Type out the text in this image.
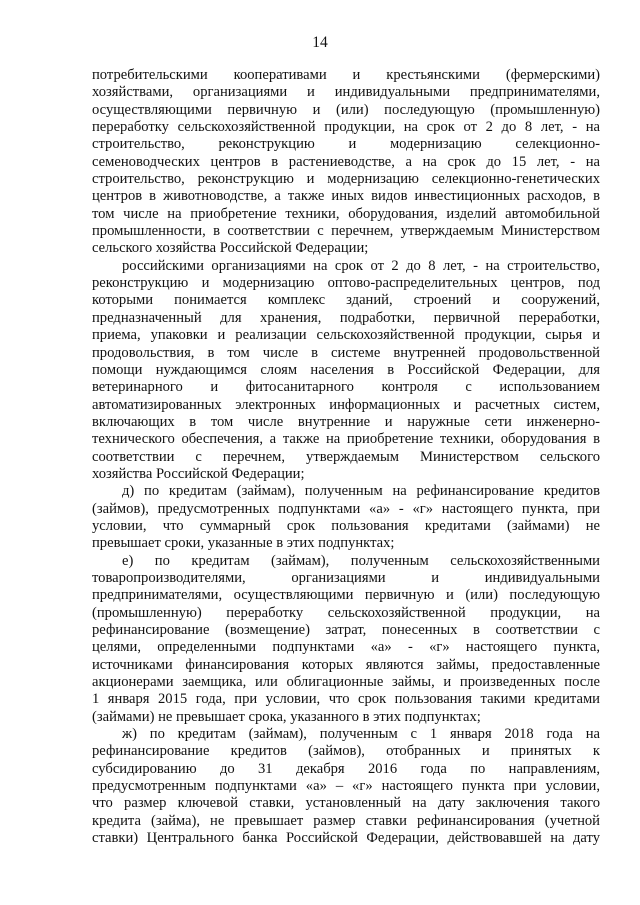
14
потребительскими кооперативами и крестьянскими (фермерскими)
хозяйствами, организациями и индивидуальными предпринимателями,
осуществляющими первичную и (или) последующую (промышленную)
переработку сельскохозяйственной продукции, на срок от 2 до 8 лет, - на
строительство, реконструкцию и модернизацию селекционно-
семеноводческих центров в растениеводстве, а на срок до 15 лет, - на
строительство, реконструкцию и модернизацию селекционно-генетических
центров в животноводстве, а также иных видов инвестиционных расходов, в
том числе на приобретение техники, оборудования, изделий автомобильной
промышленности, в соответствии с перечнем, утверждаемым Министерством
сельского хозяйства Российской Федерации;
российскими организациями на срок от 2 до 8 лет, - на строительство,
реконструкцию и модернизацию оптово-распределительных центров, под
которыми понимается комплекс зданий, строений и сооружений,
предназначенный для хранения, подработки, первичной переработки,
приема, упаковки и реализации сельскохозяйственной продукции, сырья и
продовольствия, в том числе в системе внутренней продовольственной
помощи нуждающимся слоям населения в Российской Федерации, для
ветеринарного и фитосанитарного контроля с использованием
автоматизированных электронных информационных и расчетных систем,
включающих в том числе внутренние и наружные сети инженерно-
технического обеспечения, а также на приобретение техники, оборудования в
соответствии с перечнем, утверждаемым Министерством сельского
хозяйства Российской Федерации;
д) по кредитам (займам), полученным на рефинансирование кредитов
(займов), предусмотренных подпунктами «а» - «г» настоящего пункта, при
условии, что суммарный срок пользования кредитами (займами) не
превышает сроки, указанные в этих подпунктах;
е) по кредитам (займам), полученным сельскохозяйственными
товаропроизводителями, организациями и индивидуальными
предпринимателями, осуществляющими первичную и (или) последующую
(промышленную) переработку сельскохозяйственной продукции, на
рефинансирование (возмещение) затрат, понесенных в соответствии с
целями, определенными подпунктами «а» - «г» настоящего пункта,
источниками финансирования которых являются займы, предоставленные
акционерами заемщика, или облигационные займы, и произведенных после
1 января 2015 года, при условии, что срок пользования такими кредитами
(займами) не превышает срока, указанного в этих подпунктах;
ж) по кредитам (займам), полученным с 1 января 2018 года на
рефинансирование кредитов (займов), отобранных и принятых к
субсидированию до 31 декабря 2016 года по направлениям,
предусмотренным подпунктами «а» – «г» настоящего пункта при условии,
что размер ключевой ставки, установленный на дату заключения такого
кредита (займа), не превышает размер ставки рефинансирования (учетной
ставки) Центрального банка Российской Федерации, действовавшей на дату
